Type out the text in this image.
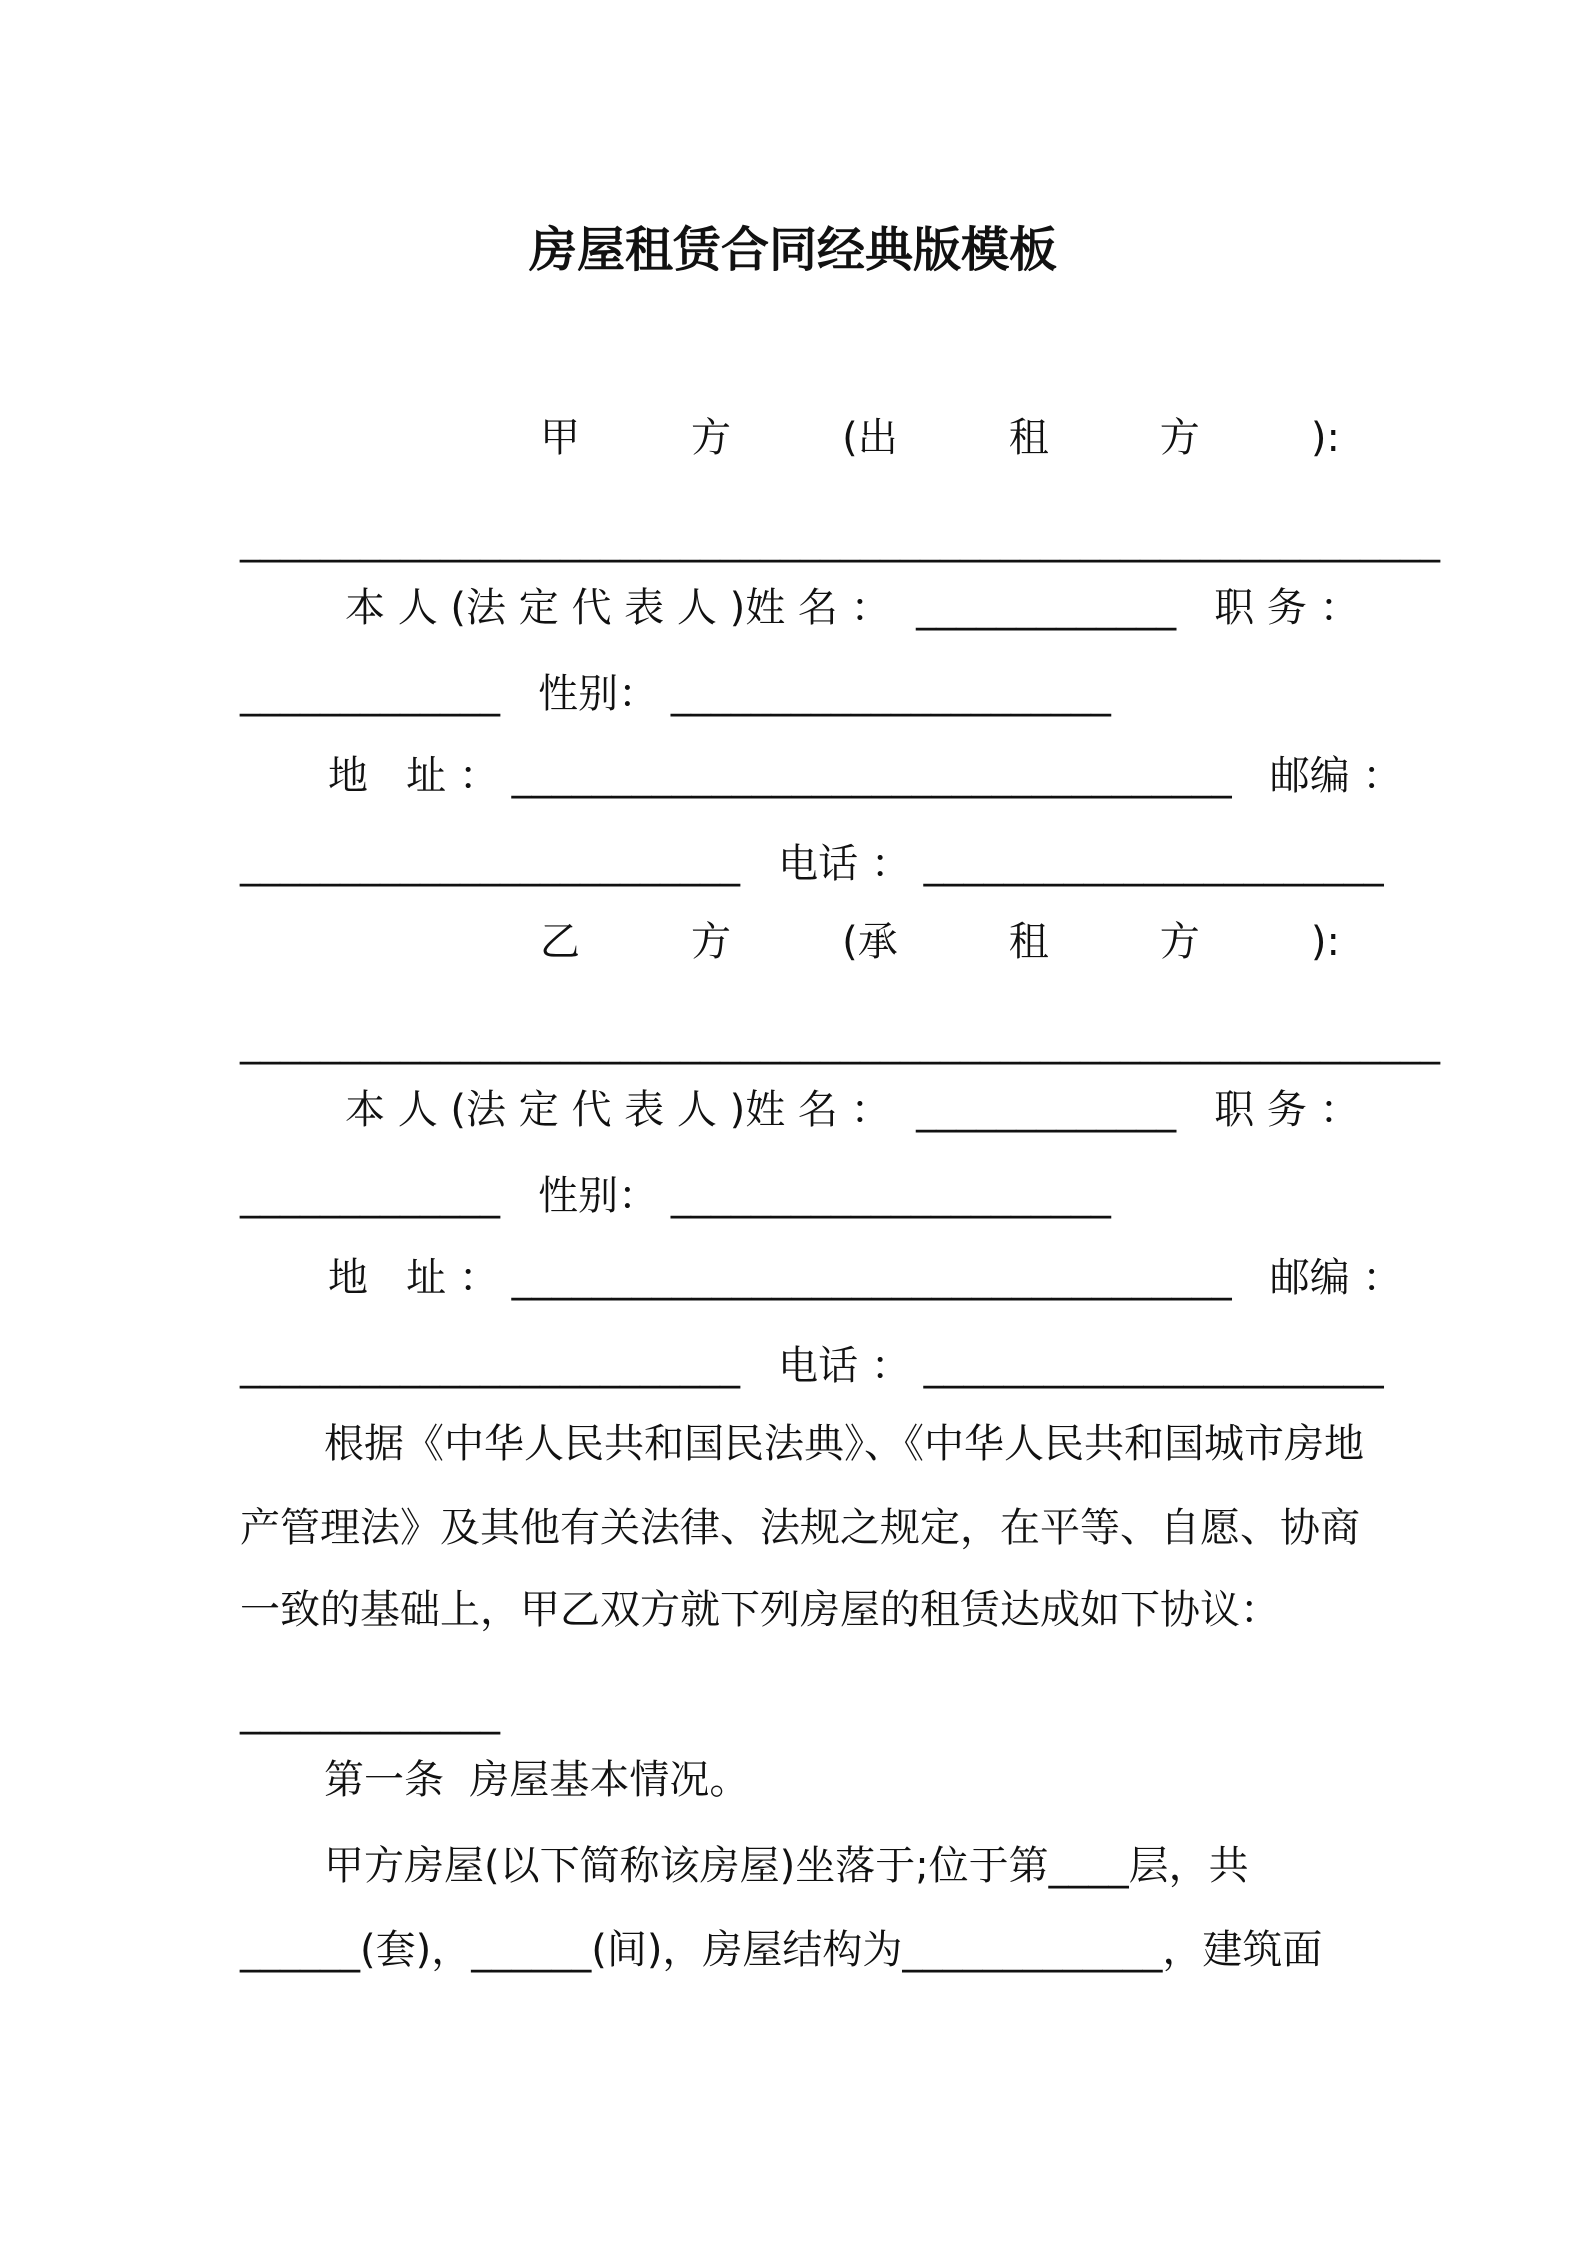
房屋租赁合同经典版模板
甲	方	(出	租	方	):
____________________________________________________________
本 人 (法 定 代 表 人 )姓 名 ：  _____________   职 务 ：
_____________   性别： ______________________
地   址 ： ____________________________________   邮编 ：
_________________________   电话 ： _______________________
乙	方	(承	租	方	):
____________________________________________________________
本 人 (法 定 代 表 人 )姓 名 ：  _____________   职 务 ：
_____________   性别： ______________________
地   址 ： ____________________________________   邮编 ：
_________________________   电话 ： _______________________
根据《中华人民共和国民法典》、《中华人民共和国城市房地
产管理法》及其他有关法律、法规之规定，在平等、自愿、协商
一致的基础上，甲乙双方就下列房屋的租赁达成如下协议：
_____________
第一条  房屋基本情况。
甲方房屋(以下简称该房屋)坐落于;位于第____层，共
______(套)，______(间)，房屋结构为_____________，建筑面
